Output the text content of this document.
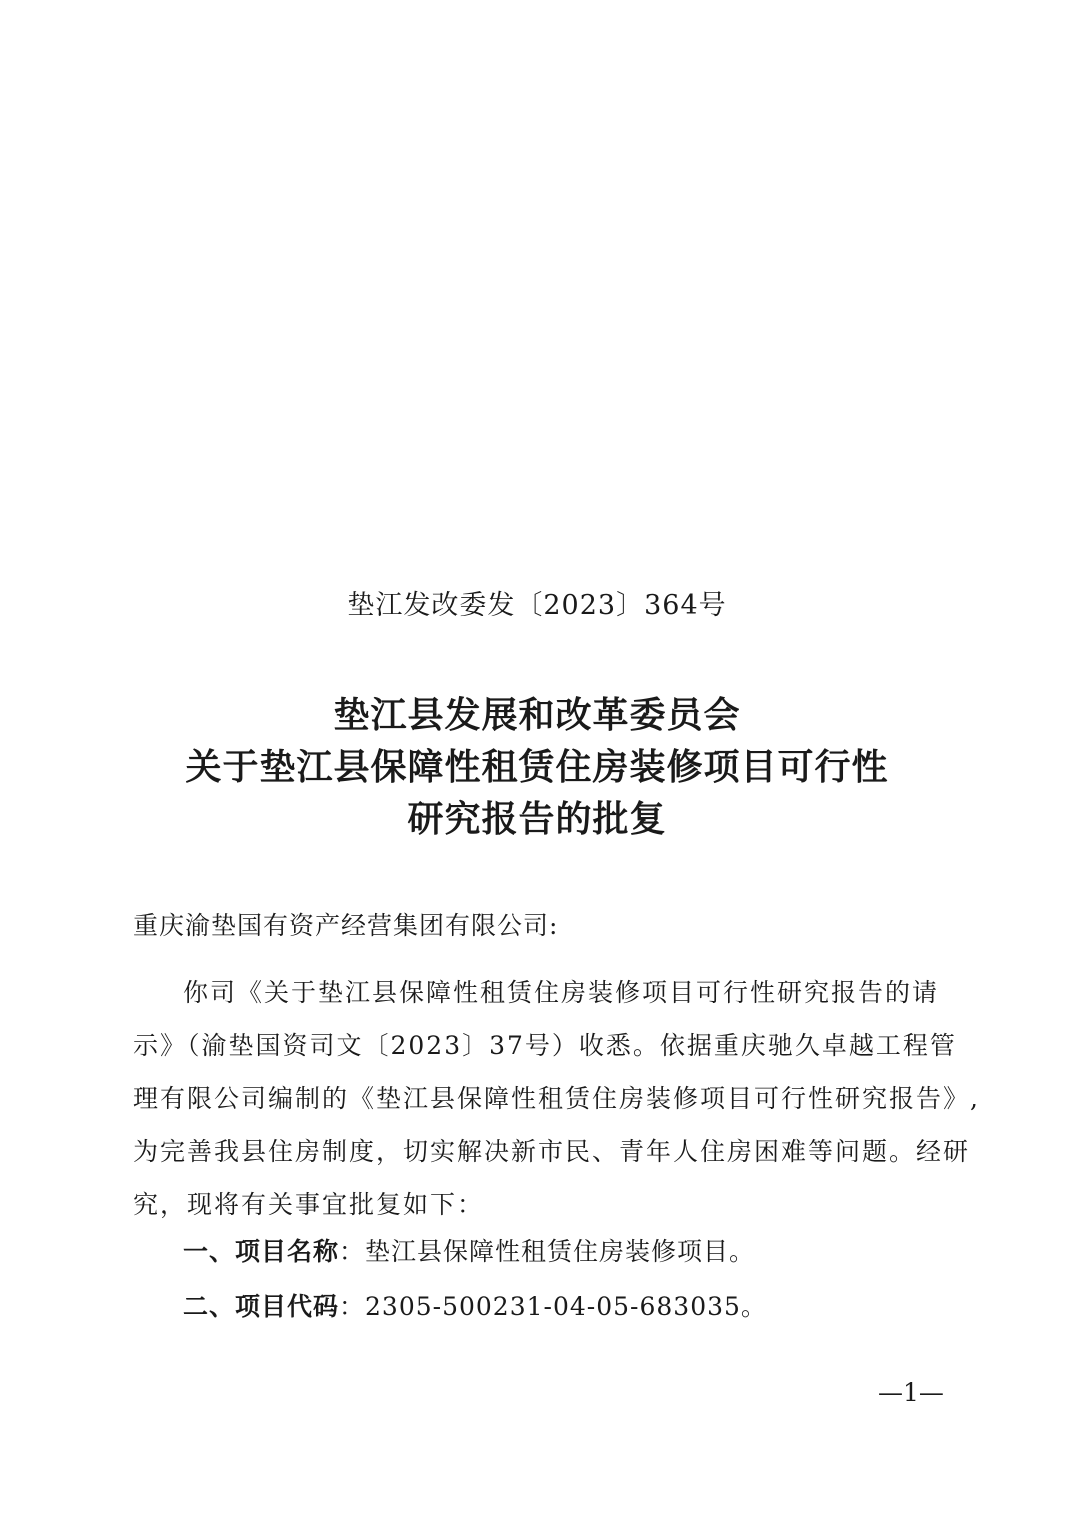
垫江发改委发〔2023〕364号
垫江县发展和改革委员会
关于垫江县保障性租赁住房装修项目可行性
研究报告的批复
重庆渝垫国有资产经营集团有限公司:
你司《关于垫江县保障性租赁住房装修项目可行性研究报告的请
示》（渝垫国资司文〔2023〕37号）收悉。依据重庆驰久卓越工程管
理有限公司编制的《垫江县保障性租赁住房装修项目可行性研究报告》,
为完善我县住房制度，切实解决新市民、青年人住房困难等问题。经研
究，现将有关事宜批复如下：
一、项目名称：垫江县保障性租赁住房装修项目。
二、项目代码：2305-500231-04-05-683035。
—1—
